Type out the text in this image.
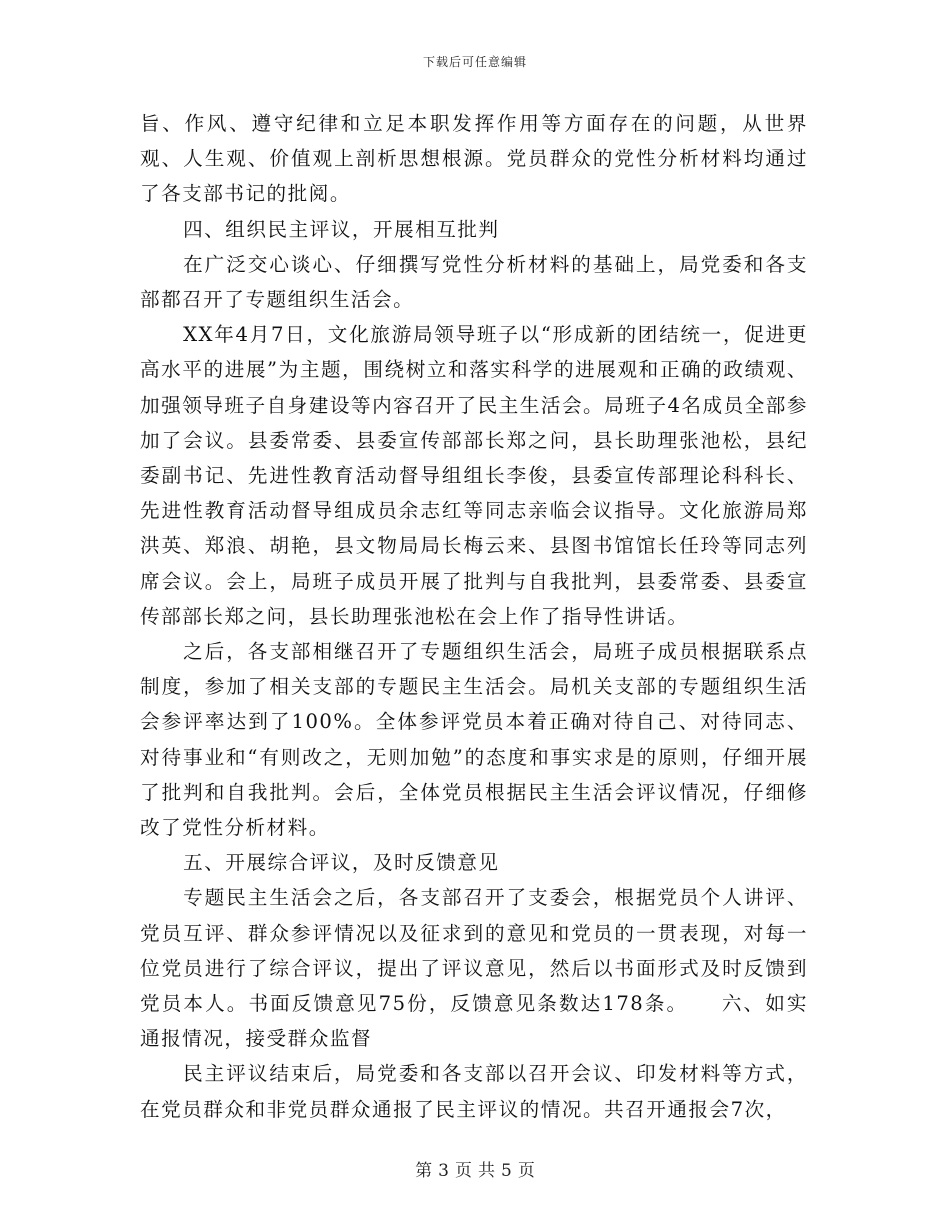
下载后可任意编辑

旨、作风、遵守纪律和立足本职发挥作用等方面存在的问题，从世界观、人生观、价值观上剖析思想根源。党员群众的党性分析材料均通过了各支部书记的批阅。

四、组织民主评议，开展相互批判

在广泛交心谈心、仔细撰写党性分析材料的基础上，局党委和各支部都召开了专题组织生活会。

XX年4月7日，文化旅游局领导班子以“形成新的团结统一，促进更高水平的进展”为主题，围绕树立和落实科学的进展观和正确的政绩观、加强领导班子自身建设等内容召开了民主生活会。局班子4名成员全部参加了会议。县委常委、县委宣传部部长郑之问，县长助理张池松，县纪委副书记、先进性教育活动督导组组长李俊，县委宣传部理论科科长、先进性教育活动督导组成员余志红等同志亲临会议指导。文化旅游局郑洪英、郑浪、胡艳，县文物局局长梅云来、县图书馆馆长任玲等同志列席会议。会上，局班子成员开展了批判与自我批判，县委常委、县委宣传部部长郑之问，县长助理张池松在会上作了指导性讲话。

之后，各支部相继召开了专题组织生活会，局班子成员根据联系点制度，参加了相关支部的专题民主生活会。局机关支部的专题组织生活会参评率达到了100%。全体参评党员本着正确对待自己、对待同志、对待事业和“有则改之，无则加勉”的态度和事实求是的原则，仔细开展了批判和自我批判。会后，全体党员根据民主生活会评议情况，仔细修改了党性分析材料。

五、开展综合评议，及时反馈意见

专题民主生活会之后，各支部召开了支委会，根据党员个人讲评、党员互评、群众参评情况以及征求到的意见和党员的一贯表现，对每一位党员进行了综合评议，提出了评议意见，然后以书面形式及时反馈到党员本人。书面反馈意见75份，反馈意见条数达178条。　　六、如实通报情况，接受群众监督

民主评议结束后，局党委和各支部以召开会议、印发材料等方式，在党员群众和非党员群众通报了民主评议的情况。共召开通报会7次，

第 3 页 共 5 页
